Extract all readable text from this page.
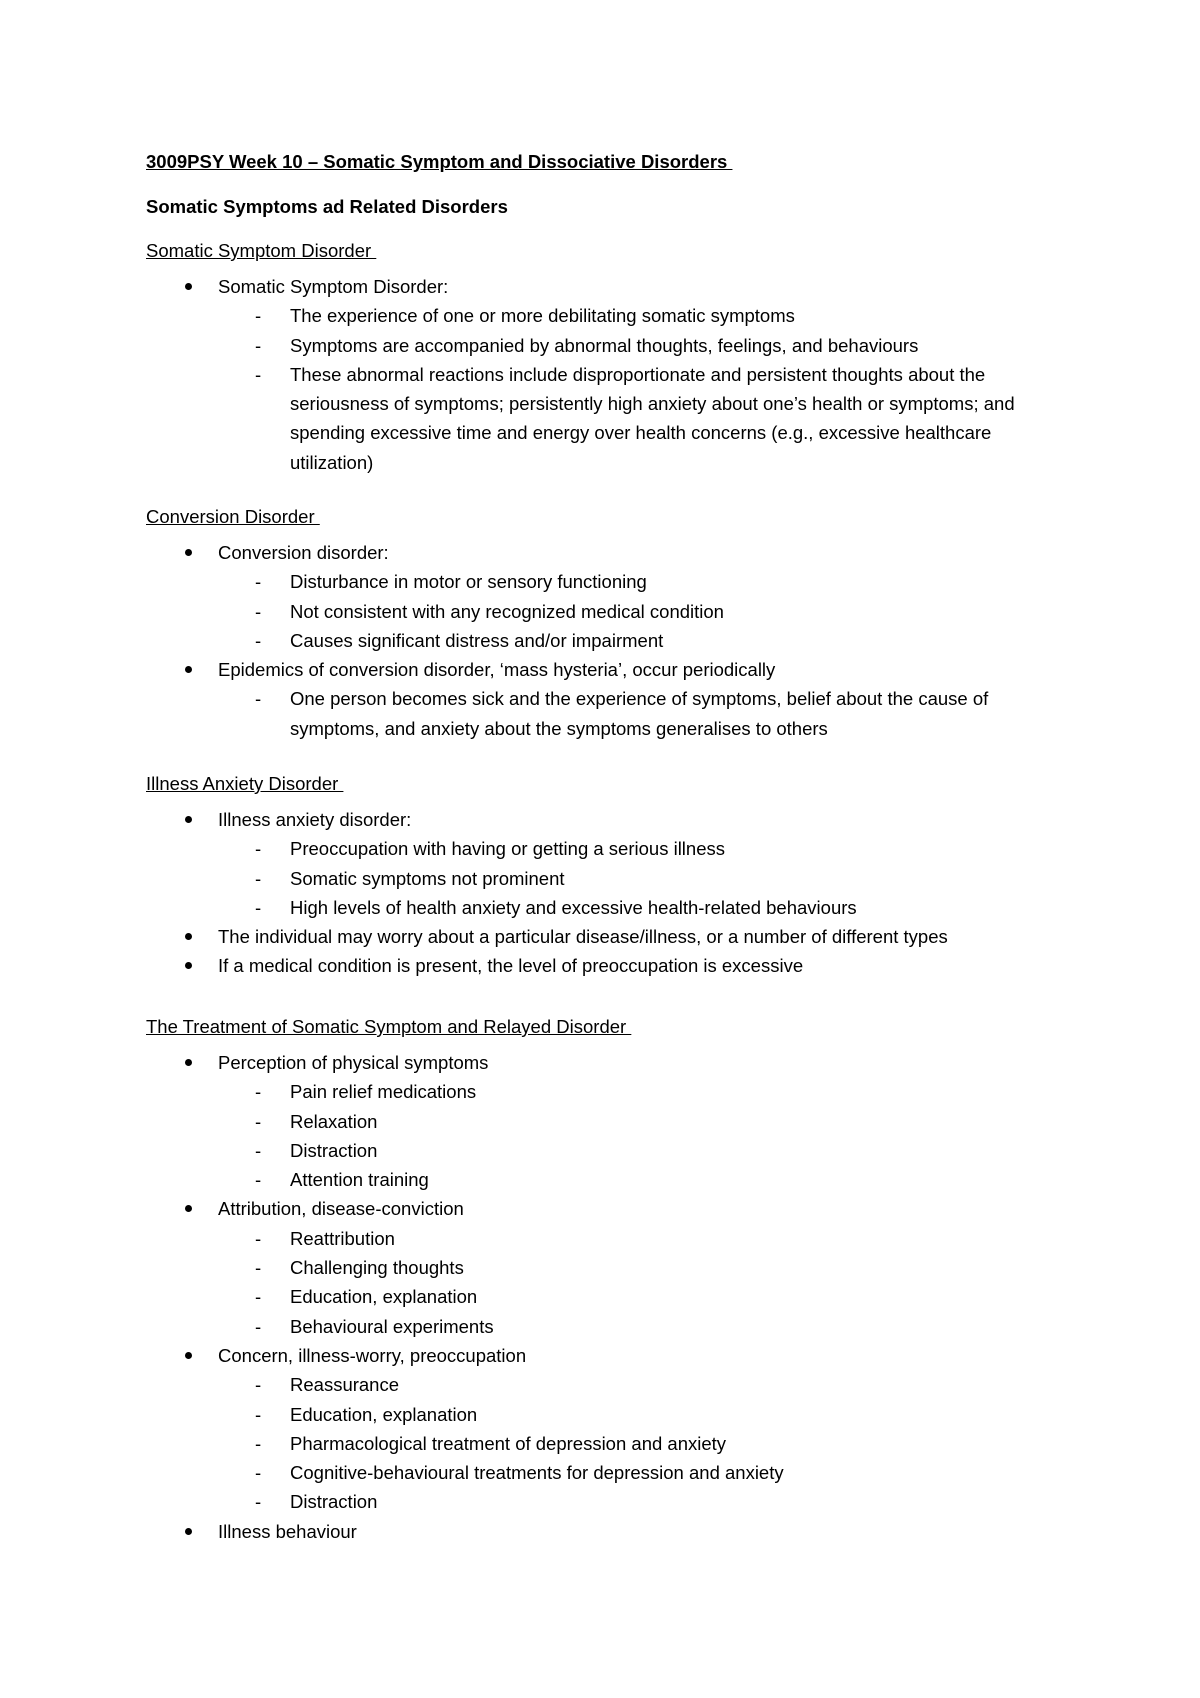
3009PSY Week 10 – Somatic Symptom and Dissociative Disorders
Somatic Symptoms ad Related Disorders
Somatic Symptom Disorder
Somatic Symptom Disorder:
- The experience of one or more debilitating somatic symptoms
- Symptoms are accompanied by abnormal thoughts, feelings, and behaviours
- These abnormal reactions include disproportionate and persistent thoughts about the seriousness of symptoms; persistently high anxiety about one’s health or symptoms; and spending excessive time and energy over health concerns (e.g., excessive healthcare utilization)
Conversion Disorder
Conversion disorder:
- Disturbance in motor or sensory functioning
- Not consistent with any recognized medical condition
- Causes significant distress and/or impairment
Epidemics of conversion disorder, ‘mass hysteria’, occur periodically
- One person becomes sick and the experience of symptoms, belief about the cause of symptoms, and anxiety about the symptoms generalises to others
Illness Anxiety Disorder
Illness anxiety disorder:
- Preoccupation with having or getting a serious illness
- Somatic symptoms not prominent
- High levels of health anxiety and excessive health-related behaviours
The individual may worry about a particular disease/illness, or a number of different types
If a medical condition is present, the level of preoccupation is excessive
The Treatment of Somatic Symptom and Relayed Disorder
Perception of physical symptoms
- Pain relief medications
- Relaxation
- Distraction
- Attention training
Attribution, disease-conviction
- Reattribution
- Challenging thoughts
- Education, explanation
- Behavioural experiments
Concern, illness-worry, preoccupation
- Reassurance
- Education, explanation
- Pharmacological treatment of depression and anxiety
- Cognitive-behavioural treatments for depression and anxiety
- Distraction
Illness behaviour
